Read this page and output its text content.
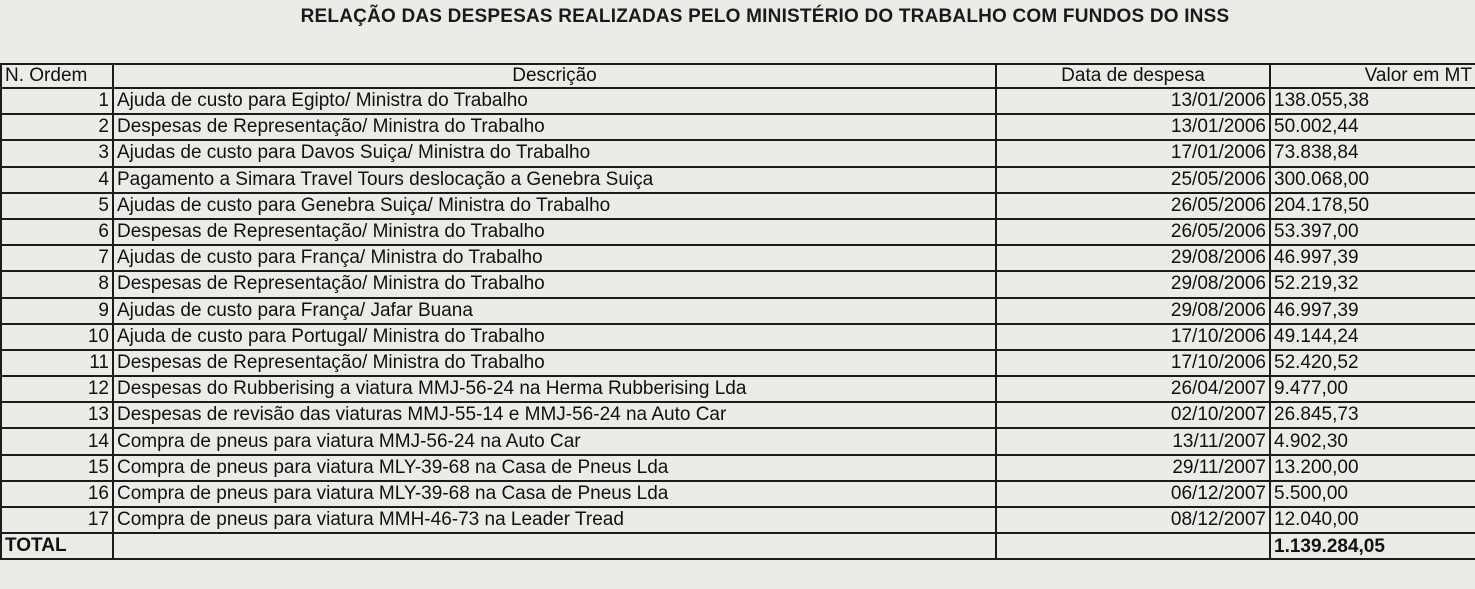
RELAÇÃO DAS DESPESAS REALIZADAS PELO MINISTÉRIO DO TRABALHO COM FUNDOS DO INSS
N. Ordem	Descrição	Data de despesa	Valor em MT
1	Ajuda de custo para Egipto/ Ministra do Trabalho	13/01/2006	138.055,38
2	Despesas de Representação/ Ministra do Trabalho	13/01/2006	50.002,44
3	Ajudas de custo para Davos Suiça/ Ministra do Trabalho	17/01/2006	73.838,84
4	Pagamento a Simara Travel Tours deslocação a Genebra Suiça	25/05/2006	300.068,00
5	Ajudas de custo para Genebra Suiça/ Ministra do Trabalho	26/05/2006	204.178,50
6	Despesas de Representação/ Ministra do Trabalho	26/05/2006	53.397,00
7	Ajudas de custo para França/ Ministra do Trabalho	29/08/2006	46.997,39
8	Despesas de Representação/ Ministra do Trabalho	29/08/2006	52.219,32
9	Ajudas de custo para França/ Jafar Buana	29/08/2006	46.997,39
10	Ajuda de custo para Portugal/ Ministra do Trabalho	17/10/2006	49.144,24
11	Despesas de Representação/ Ministra do Trabalho	17/10/2006	52.420,52
12	Despesas do Rubberising a viatura MMJ-56-24 na Herma Rubberising Lda	26/04/2007	9.477,00
13	Despesas de revisão das viaturas MMJ-55-14 e MMJ-56-24 na Auto Car	02/10/2007	26.845,73
14	Compra de pneus para viatura MMJ-56-24 na Auto Car	13/11/2007	4.902,30
15	Compra de pneus para viatura MLY-39-68 na Casa de Pneus Lda	29/11/2007	13.200,00
16	Compra de pneus para viatura MLY-39-68 na Casa de Pneus Lda	06/12/2007	5.500,00
17	Compra de pneus para viatura MMH-46-73 na Leader Tread	08/12/2007	12.040,00
TOTAL			1.139.284,05
